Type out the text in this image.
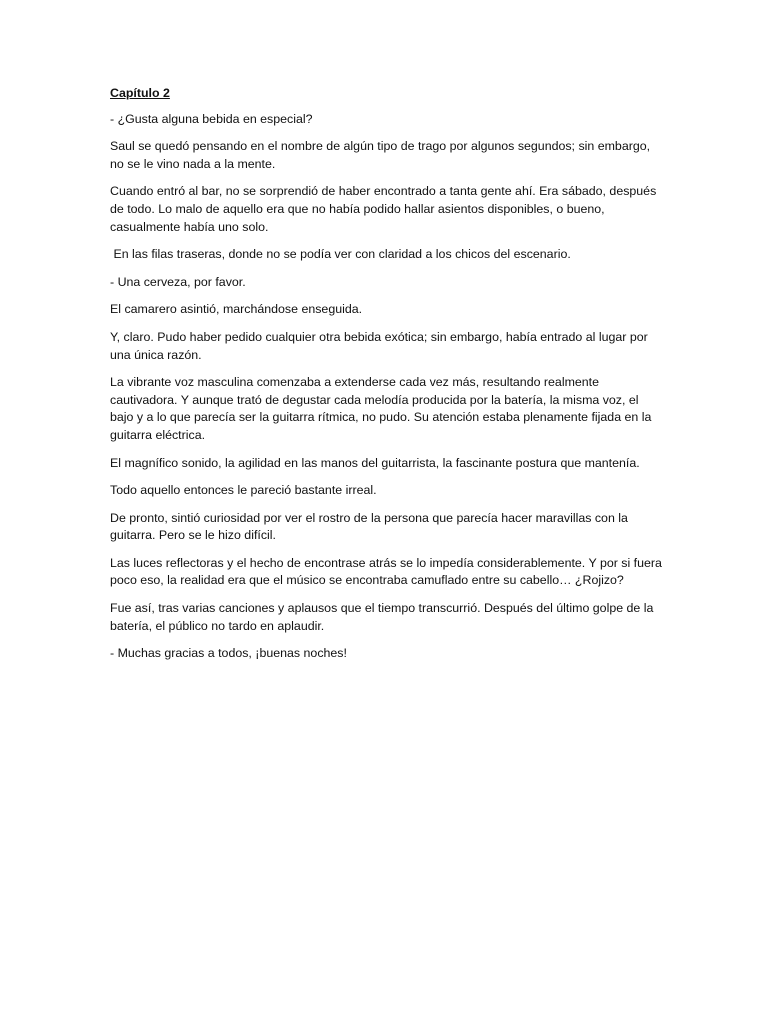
Capítulo 2

- ¿Gusta alguna bebida en especial?

Saul se quedó pensando en el nombre de algún tipo de trago por algunos segundos; sin embargo, no se le vino nada a la mente.

Cuando entró al bar, no se sorprendió de haber encontrado a tanta gente ahí. Era sábado, después de todo. Lo malo de aquello era que no había podido hallar asientos disponibles, o bueno, casualmente había uno solo.

En las filas traseras, donde no se podía ver con claridad a los chicos del escenario.

- Una cerveza, por favor.

El camarero asintió, marchándose enseguida.

Y, claro. Pudo haber pedido cualquier otra bebida exótica; sin embargo, había entrado al lugar por una única razón.

La vibrante voz masculina comenzaba a extenderse cada vez más, resultando realmente cautivadora. Y aunque trató de degustar cada melodía producida por la batería, la misma voz, el bajo y a lo que parecía ser la guitarra rítmica, no pudo. Su atención estaba plenamente fijada en la guitarra eléctrica.

El magnífico sonido, la agilidad en las manos del guitarrista, la fascinante postura que mantenía.

Todo aquello entonces le pareció bastante irreal.

De pronto, sintió curiosidad por ver el rostro de la persona que parecía hacer maravillas con la guitarra. Pero se le hizo difícil.

Las luces reflectoras y el hecho de encontrase atrás se lo impedía considerablemente. Y por si fuera poco eso, la realidad era que el músico se encontraba camuflado entre su cabello… ¿Rojizo?

Fue así, tras varias canciones y aplausos que el tiempo transcurrió. Después del último golpe de la batería, el público no tardo en aplaudir.

- Muchas gracias a todos, ¡buenas noches!
